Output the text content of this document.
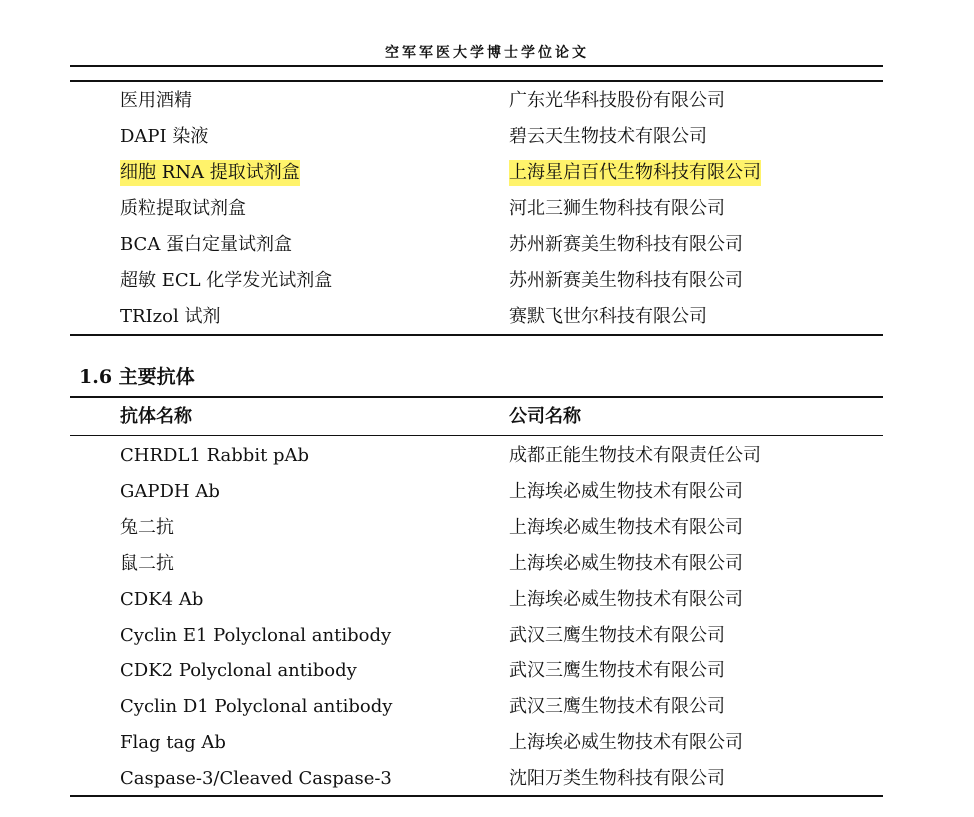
空军军医大学博士学位论文
医用酒精	广东光华科技股份有限公司
DAPI 染液	碧云天生物技术有限公司
细胞 RNA 提取试剂盒	上海星启百代生物科技有限公司
质粒提取试剂盒	河北三狮生物科技有限公司
BCA 蛋白定量试剂盒	苏州新赛美生物科技有限公司
超敏 ECL 化学发光试剂盒	苏州新赛美生物科技有限公司
TRIzol 试剂	赛默飞世尔科技有限公司
1.6 主要抗体
抗体名称	公司名称
CHRDL1 Rabbit pAb	成都正能生物技术有限责任公司
GAPDH Ab	上海埃必威生物技术有限公司
兔二抗	上海埃必威生物技术有限公司
鼠二抗	上海埃必威生物技术有限公司
CDK4 Ab	上海埃必威生物技术有限公司
Cyclin E1 Polyclonal antibody	武汉三鹰生物技术有限公司
CDK2 Polyclonal antibody	武汉三鹰生物技术有限公司
Cyclin D1 Polyclonal antibody	武汉三鹰生物技术有限公司
Flag tag Ab	上海埃必威生物技术有限公司
Caspase-3/Cleaved Caspase-3	沈阳万类生物科技有限公司
